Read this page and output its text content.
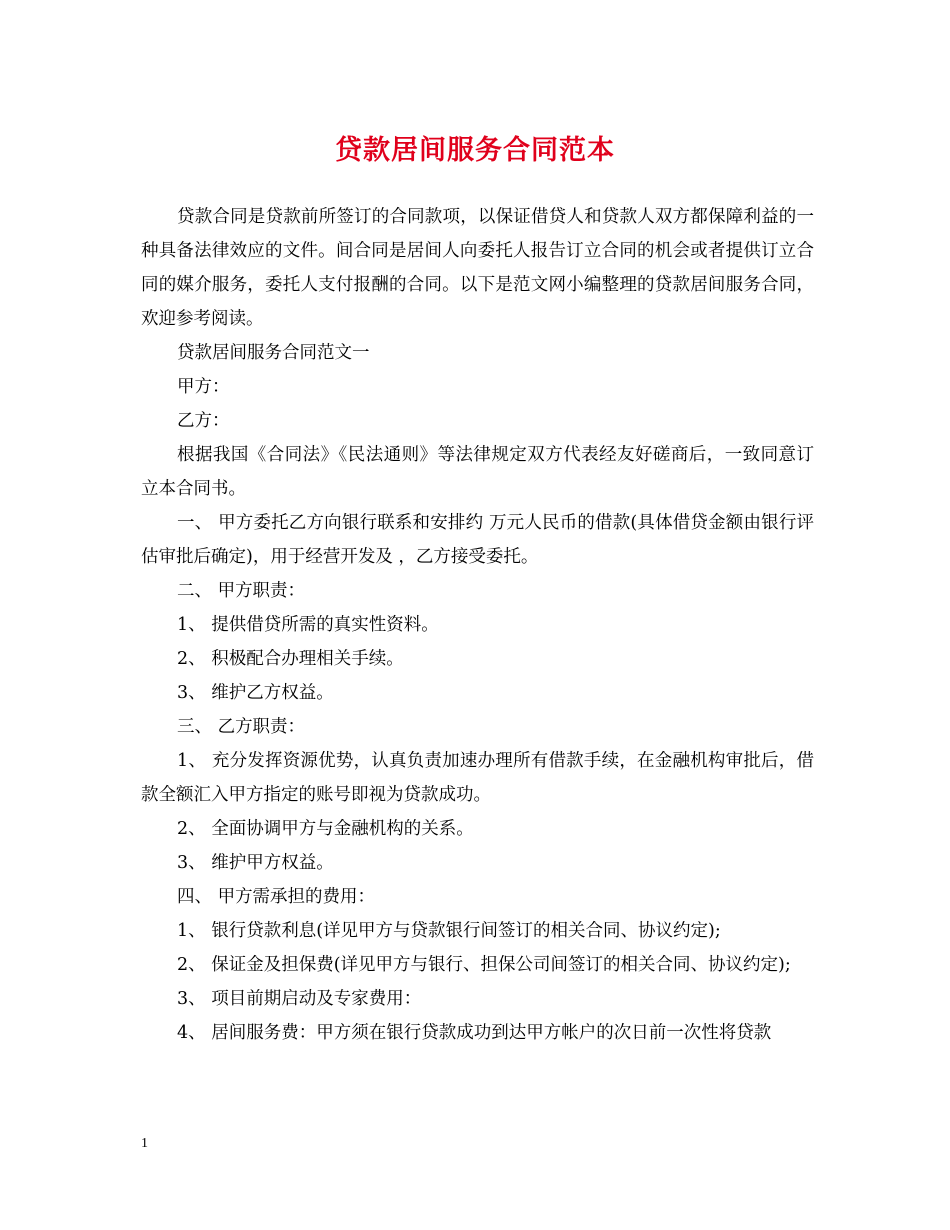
贷款居间服务合同范本

贷款合同是贷款前所签订的合同款项，以保证借贷人和贷款人双方都保障利益的一种具备法律效应的文件。间合同是居间人向委托人报告订立合同的机会或者提供订立合同的媒介服务，委托人支付报酬的合同。以下是范文网小编整理的贷款居间服务合同，欢迎参考阅读。

贷款居间服务合同范文一

甲方：

乙方：

根据我国《合同法》《民法通则》等法律规定双方代表经友好磋商后，一致同意订立本合同书。

一、 甲方委托乙方向银行联系和安排约 万元人民币的借款(具体借贷金额由银行评估审批后确定)，用于经营开发及 ，乙方接受委托。

二、 甲方职责：

1、 提供借贷所需的真实性资料。

2、 积极配合办理相关手续。

3、 维护乙方权益。

三、 乙方职责：

1、 充分发挥资源优势，认真负责加速办理所有借款手续，在金融机构审批后，借款全额汇入甲方指定的账号即视为贷款成功。

2、 全面协调甲方与金融机构的关系。

3、 维护甲方权益。

四、 甲方需承担的费用：

1、 银行贷款利息(详见甲方与贷款银行间签订的相关合同、协议约定);

2、 保证金及担保费(详见甲方与银行、担保公司间签订的相关合同、协议约定);

3、 项目前期启动及专家费用：

4、 居间服务费：甲方须在银行贷款成功到达甲方帐户的次日前一次性将贷款

1
